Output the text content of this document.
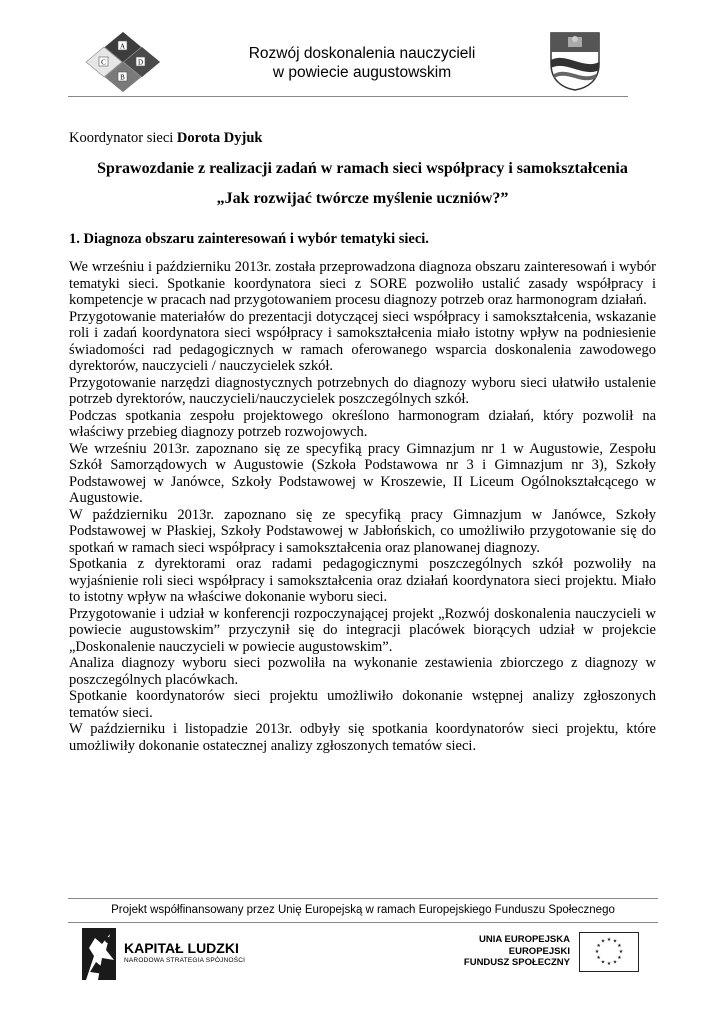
A
C	D
B
Rozwój doskonalenia nauczycieli
w powiecie augustowskim

Koordynator sieci Dorota Dyjuk

Sprawozdanie z realizacji zadań w ramach sieci współpracy i samokształcenia

„Jak rozwijać twórcze myślenie uczniów?”

1. Diagnoza obszaru zainteresowań i wybór tematyki sieci.

We wrześniu i październiku 2013r. została przeprowadzona diagnoza obszaru zainteresowań i wybór tematyki sieci. Spotkanie koordynatora sieci z SORE pozwoliło ustalić zasady współpracy i kompetencje w pracach nad przygotowaniem procesu diagnozy potrzeb oraz harmonogram działań.

Przygotowanie materiałów do prezentacji dotyczącej sieci współpracy i samokształcenia, wskazanie roli i zadań koordynatora sieci współpracy i samokształcenia miało istotny wpływ na podniesienie świadomości rad pedagogicznych w ramach oferowanego wsparcia doskonalenia zawodowego dyrektorów, nauczycieli / nauczycielek szkół.

Przygotowanie narzędzi diagnostycznych potrzebnych do diagnozy wyboru sieci ułatwiło ustalenie potrzeb dyrektorów, nauczycieli/nauczycielek poszczególnych szkół.

Podczas spotkania zespołu projektowego określono harmonogram działań, który pozwolił na właściwy przebieg diagnozy potrzeb rozwojowych.

We wrześniu 2013r. zapoznano się ze specyfiką pracy Gimnazjum nr 1 w Augustowie, Zespołu Szkół Samorządowych w Augustowie (Szkoła Podstawowa nr 3 i Gimnazjum nr 3), Szkoły Podstawowej w Janówce, Szkoły Podstawowej w Kroszewie, II Liceum Ogólnokształcącego w Augustowie.

W październiku 2013r. zapoznano się ze specyfiką pracy Gimnazjum w Janówce, Szkoły Podstawowej w Płaskiej, Szkoły Podstawowej w Jabłońskich, co umożliwiło przygotowanie się do spotkań w ramach sieci współpracy i samokształcenia oraz planowanej diagnozy.

Spotkania z dyrektorami oraz radami pedagogicznymi poszczególnych szkół pozwoliły na wyjaśnienie roli sieci współpracy i samokształcenia oraz działań koordynatora sieci projektu. Miało to istotny wpływ na właściwe dokonanie wyboru sieci.

Przygotowanie i udział w konferencji rozpoczynającej projekt „Rozwój doskonalenia nauczycieli w powiecie augustowskim” przyczynił się do integracji placówek biorących udział w projekcie „Doskonalenie nauczycieli w powiecie augustowskim”.

Analiza diagnozy wyboru sieci pozwoliła na wykonanie zestawienia zbiorczego z diagnozy w poszczególnych placówkach.

Spotkanie koordynatorów sieci projektu umożliwiło dokonanie wstępnej analizy zgłoszonych tematów sieci.

W październiku i listopadzie 2013r. odbyły się spotkania koordynatorów sieci projektu, które umożliwiły dokonanie ostatecznej analizy zgłoszonych tematów sieci.

Projekt współfinansowany przez Unię Europejską w ramach Europejskiego Funduszu Społecznego
KAPITAŁ LUDZKI
NARODOWA STRATEGIA SPÓJNOŚCI
UNIA EUROPEJSKA
EUROPEJSKI
FUNDUSZ SPOŁECZNY
★ ★
★
★
★
★
★
★
★
★
★
★
